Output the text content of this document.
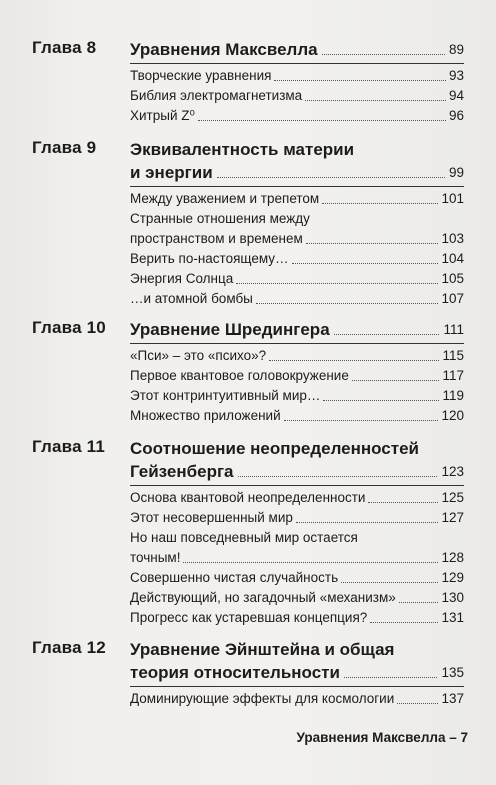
Глава 8 Уравнения Максвелла	89
Творческие уравнения	93
Библия электромагнетизма	94
Хитрый Z⁰	96
Глава 9 Эквивалентность материи
и энергии	99
Между уважением и трепетом	101
Странные отношения между
пространством и временем	103
Верить по-настоящему…	104
Энергия Солнца	105
…и атомной бомбы	107
Глава 10 Уравнение Шредингера	111
«Пси» – это «психо»?	115
Первое квантовое головокружение	117
Этот контринтуитивный мир…	119
Множество приложений	120
Глава 11 Соотношение неопределенностей
Гейзенберга	123
Основа квантовой неопределенности	125
Этот несовершенный мир	127
Но наш повседневный мир остается
точным!	128
Совершенно чистая случайность	129
Действующий, но загадочный «механизм»	130
Прогресс как устаревшая концепция?	131
Глава 12 Уравнение Эйнштейна и общая
теория относительности	135
Доминирующие эффекты для космологии	137
Уравнения Максвелла – 7
